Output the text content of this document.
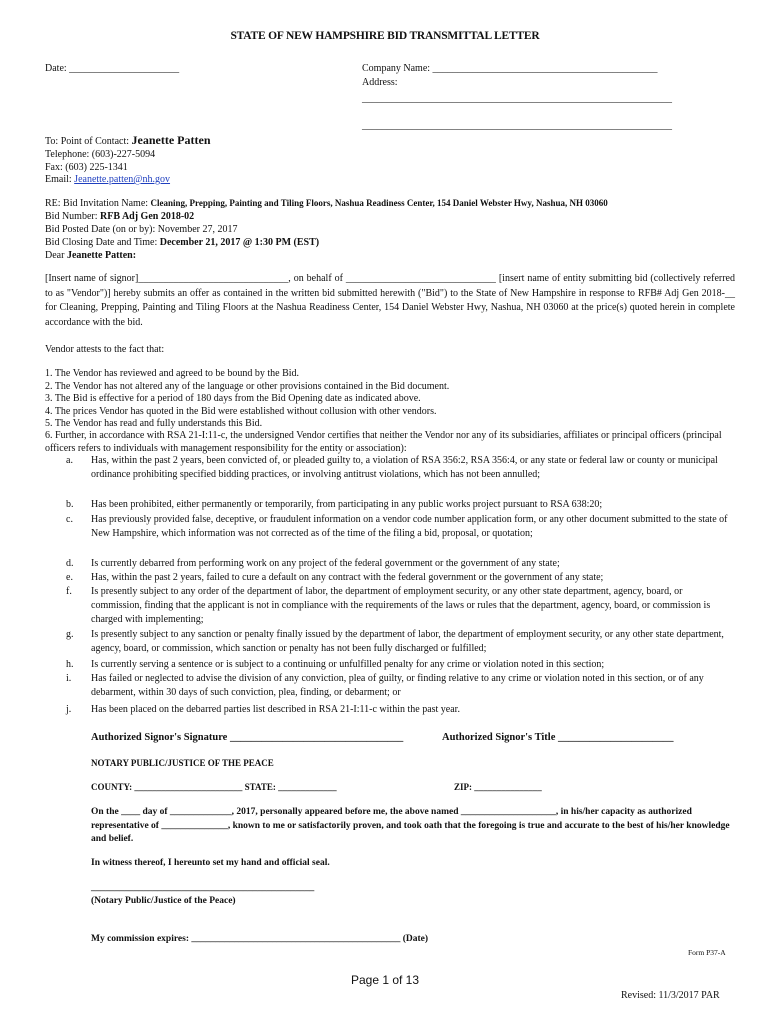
STATE OF NEW HAMPSHIRE BID TRANSMITTAL LETTER
Date: ______________________	Company Name: _____________________________________________
Address:
______________________________________________________________
______________________________________________________________
To: Point of Contact: Jeanette Patten
Telephone: (603)-227-5094
Fax: (603) 225-1341
Email: Jeanette.patten@nh.gov
RE: Bid Invitation Name: Cleaning, Prepping, Painting and Tiling Floors, Nashua Readiness Center, 154 Daniel Webster Hwy, Nashua, NH 03060
Bid Number: RFB Adj Gen 2018-02
Bid Posted Date (on or by): November 27, 2017
Bid Closing Date and Time: December 21, 2017 @ 1:30 PM (EST)
Dear Jeanette Patten:
[Insert name of signor]______________________________, on behalf of ______________________________ [insert name of entity submitting bid (collectively referred to as "Vendor")] hereby submits an offer as contained in the written bid submitted herewith ("Bid") to the State of New Hampshire in response to RFB# Adj Gen 2018-__ for Cleaning, Prepping, Painting and Tiling Floors at the Nashua Readiness Center, 154 Daniel Webster Hwy, Nashua, NH 03060 at the price(s) quoted herein in complete accordance with the bid.
Vendor attests to the fact that:
1. The Vendor has reviewed and agreed to be bound by the Bid.
2. The Vendor has not altered any of the language or other provisions contained in the Bid document.
3. The Bid is effective for a period of 180 days from the Bid Opening date as indicated above.
4. The prices Vendor has quoted in the Bid were established without collusion with other vendors.
5. The Vendor has read and fully understands this Bid.
6. Further, in accordance with RSA 21-I:11-c, the undersigned Vendor certifies that neither the Vendor nor any of its subsidiaries, affiliates or principal officers (principal officers refers to individuals with management responsibility for the entity or association):
a. Has, within the past 2 years, been convicted of, or pleaded guilty to, a violation of RSA 356:2, RSA 356:4, or any state or federal law or county or municipal ordinance prohibiting specified bidding practices, or involving antitrust violations, which has not been annulled;
b. Has been prohibited, either permanently or temporarily, from participating in any public works project pursuant to RSA 638:20;
c. Has previously provided false, deceptive, or fraudulent information on a vendor code number application form, or any other document submitted to the state of New Hampshire, which information was not corrected as of the time of the filing a bid, proposal, or quotation;
d. Is currently debarred from performing work on any project of the federal government or the government of any state;
e. Has, within the past 2 years, failed to cure a default on any contract with the federal government or the government of any state;
f. Is presently subject to any order of the department of labor, the department of employment security, or any other state department, agency, board, or commission, finding that the applicant is not in compliance with the requirements of the laws or rules that the department, agency, board, or commission is charged with implementing;
g. Is presently subject to any sanction or penalty finally issued by the department of labor, the department of employment security, or any other state department, agency, board, or commission, which sanction or penalty has not been fully discharged or fulfilled;
h. Is currently serving a sentence or is subject to a continuing or unfulfilled penalty for any crime or violation noted in this section;
i. Has failed or neglected to advise the division of any conviction, plea of guilty, or finding relative to any crime or violation noted in this section, or of any debarment, within 30 days of such conviction, plea, finding, or debarment; or
j. Has been placed on the debarred parties list described in RSA 21-I:11-c within the past year.
Authorized Signor's Signature _________________________________	Authorized Signor's Title ______________________
NOTARY PUBLIC/JUSTICE OF THE PEACE
COUNTY: ________________________ STATE: _____________	ZIP: _______________
On the ____ day of _____________, 2017, personally appeared before me, the above named ____________________, in his/her capacity as authorized representative of ______________, known to me or satisfactorily proven, and took oath that the foregoing is true and accurate to the best of his/her knowledge and belief.
In witness thereof, I hereunto set my hand and official seal.
_______________________________________________
(Notary Public/Justice of the Peace)
My commission expires: ____________________________________________ (Date)
Form P37-A
Page 1 of 13
Revised: 11/3/2017 PAR
